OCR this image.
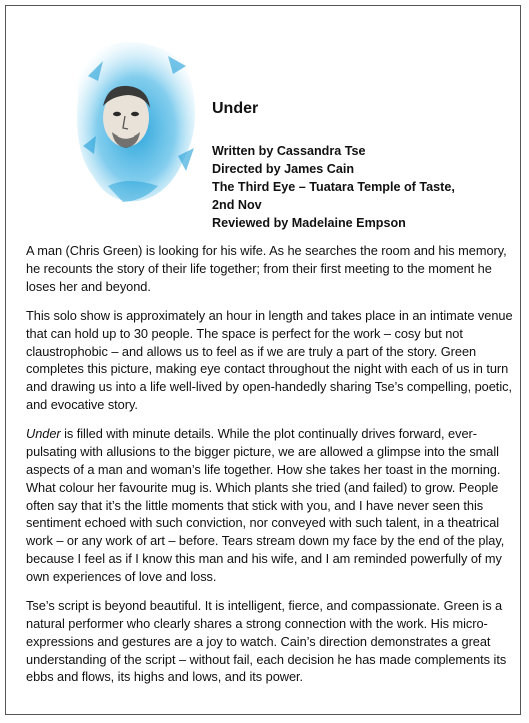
Under
Written by Cassandra Tse
Directed by James Cain
The Third Eye – Tuatara Temple of Taste,
2nd Nov
Reviewed by Madelaine Empson

A man (Chris Green) is looking for his wife. As he searches the room and his memory, he recounts the story of their life together; from their first meeting to the moment he loses her and beyond.

This solo show is approximately an hour in length and takes place in an intimate venue that can hold up to 30 people. The space is perfect for the work – cosy but not claustrophobic – and allows us to feel as if we are truly a part of the story. Green completes this picture, making eye contact throughout the night with each of us in turn and drawing us into a life well-lived by open-handedly sharing Tse’s compelling, poetic, and evocative story.

Under is filled with minute details. While the plot continually drives forward, ever-pulsating with allusions to the bigger picture, we are allowed a glimpse into the small aspects of a man and woman’s life together. How she takes her toast in the morning. What colour her favourite mug is. Which plants she tried (and failed) to grow. People often say that it’s the little moments that stick with you, and I have never seen this sentiment echoed with such conviction, nor conveyed with such talent, in a theatrical work – or any work of art – before. Tears stream down my face by the end of the play, because I feel as if I know this man and his wife, and I am reminded powerfully of my own experiences of love and loss.

Tse’s script is beyond beautiful. It is intelligent, fierce, and compassionate. Green is a natural performer who clearly shares a strong connection with the work. His micro-expressions and gestures are a joy to watch. Cain’s direction demonstrates a great understanding of the script – without fail, each decision he has made complements its ebbs and flows, its highs and lows, and its power.
